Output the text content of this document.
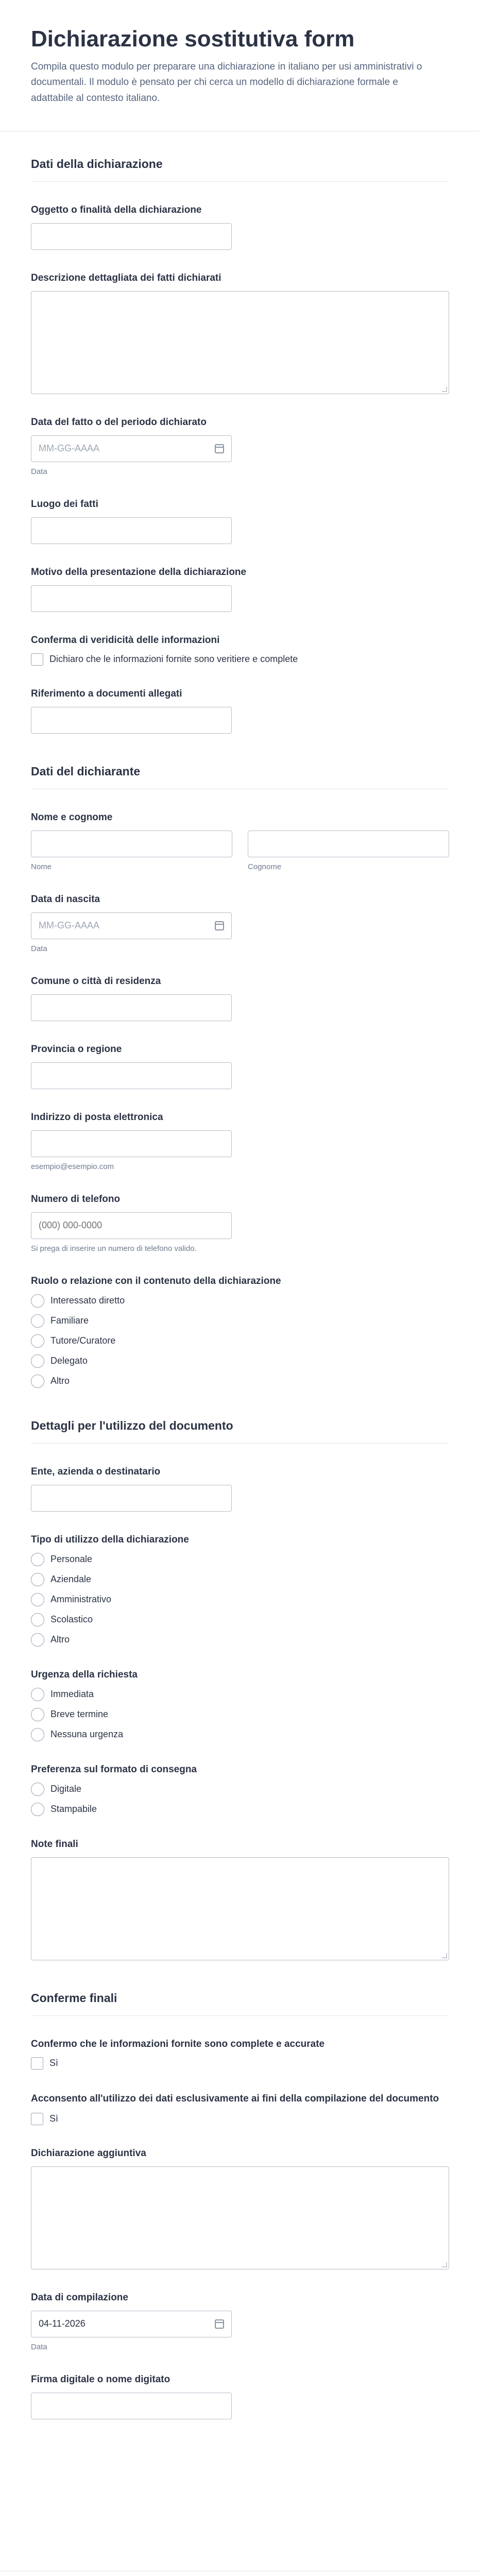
Dichiarazione sostitutiva form

Compila questo modulo per preparare una dichiarazione in italiano per usi amministrativi o documentali. Il modulo è pensato per chi cerca un modello di dichiarazione formale e adattabile al contesto italiano.

Dati della dichiarazione
Oggetto o finalità della dichiarazione
Descrizione dettagliata dei fatti dichiarati
Data del fatto o del periodo dichiarato
MM-GG-AAAA
Data
Luogo dei fatti
Motivo della presentazione della dichiarazione
Conferma di veridicità delle informazioni
Dichiaro che le informazioni fornite sono veritiere e complete
Riferimento a documenti allegati
Dati del dichiarante
Nome e cognome
Nome	Cognome
Data di nascita
MM-GG-AAAA
Data
Comune o città di residenza
Provincia o regione
Indirizzo di posta elettronica
esempio@esempio.com
Numero di telefono
(000) 000-0000
Si prega di inserire un numero di telefono valido.
Ruolo o relazione con il contenuto della dichiarazione
Interessato diretto
Familiare
Tutore/Curatore
Delegato
Altro
Dettagli per l'utilizzo del documento
Ente, azienda o destinatario
Tipo di utilizzo della dichiarazione
Personale
Aziendale
Amministrativo
Scolastico
Altro
Urgenza della richiesta
Immediata
Breve termine
Nessuna urgenza
Preferenza sul formato di consegna
Digitale
Stampabile
Note finali
Conferme finali
Confermo che le informazioni fornite sono complete e accurate
Sì
Acconsento all'utilizzo dei dati esclusivamente ai fini della compilazione del documento
Sì
Dichiarazione aggiuntiva
Data di compilazione
04-11-2026
Data
Firma digitale o nome digitato
